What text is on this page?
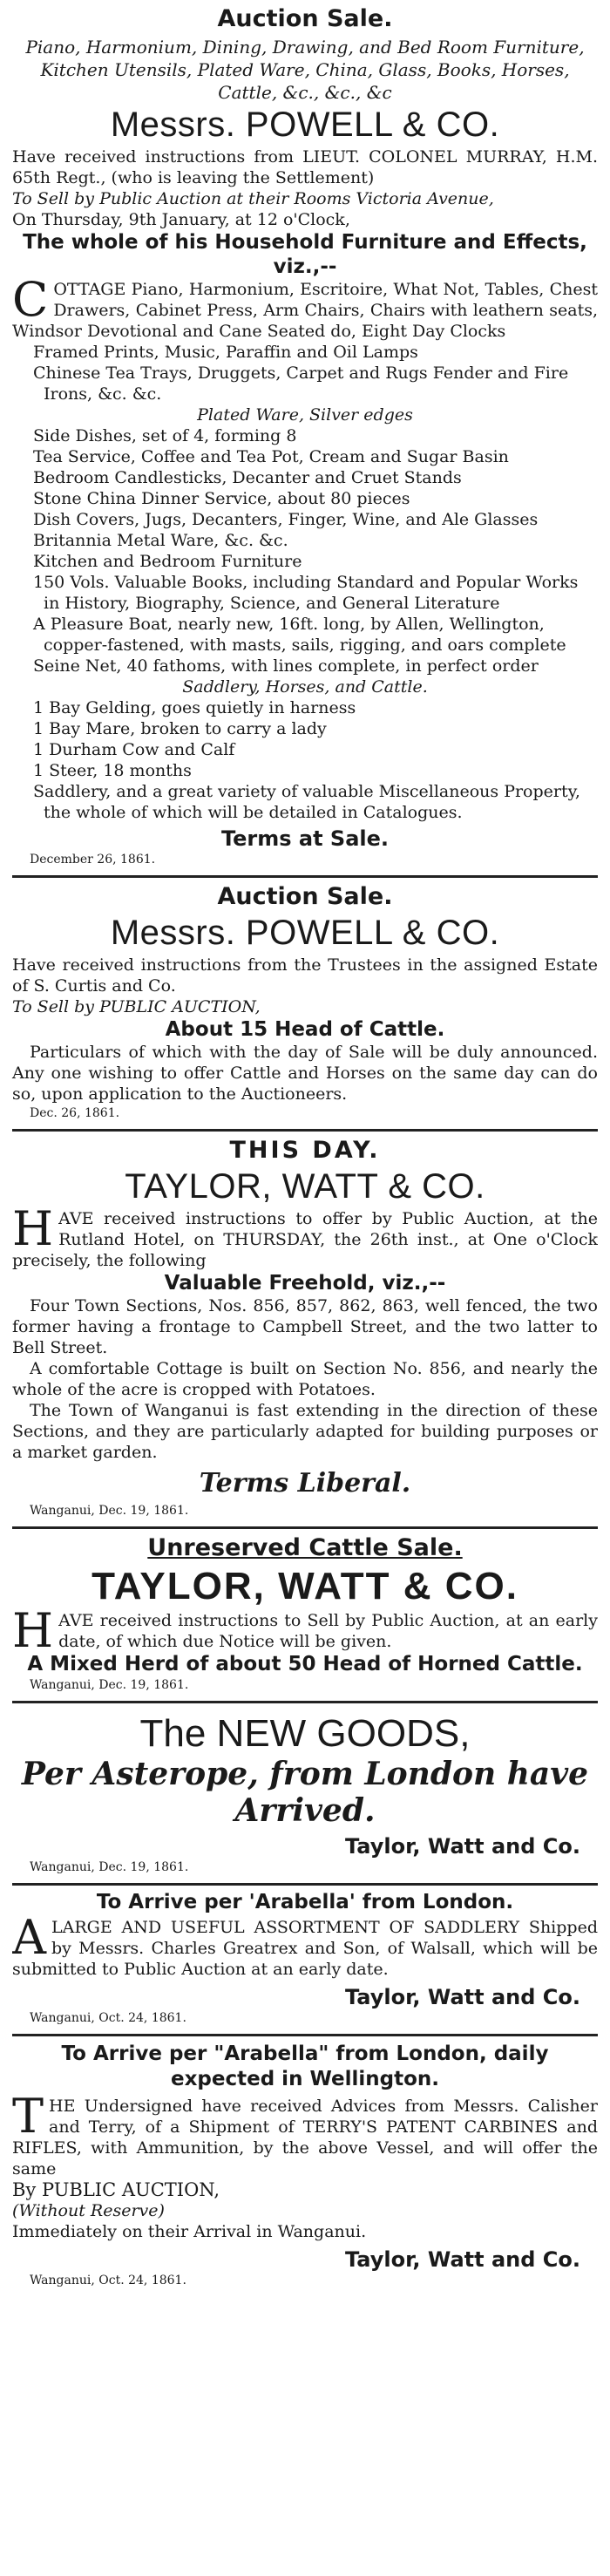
Auction Sale.
Piano, Harmonium, Dining, Drawing, and Bed Room Furniture, Kitchen Utensils, Plated Ware, China, Glass, Books, Horses, Cattle, &c., &c., &c
Messrs. POWELL & CO.
Have received instructions from LIEUT. COLONEL MURRAY, H.M. 65th Regt., (who is leaving the Settlement)
To Sell by Public Auction at their Rooms Victoria Avenue,
On Thursday, 9th January, at 12 o'Clock,
The whole of his Household Furniture and Effects, viz.,--
C OTTAGE Piano, Harmonium, Escritoire, What Not, Tables, Chest Drawers, Cabinet Press, Arm Chairs, Chairs with leathern seats, Windsor Devotional and Cane Seated do, Eight Day Clocks
Framed Prints, Music, Paraffin and Oil Lamps
Chinese Tea Trays, Druggets, Carpet and Rugs Fender and Fire Irons, &c. &c.
Plated Ware, Silver edges
Side Dishes, set of 4, forming 8
Tea Service, Coffee and Tea Pot, Cream and Sugar Basin
Bedroom Candlesticks, Decanter and Cruet Stands
Stone China Dinner Service, about 80 pieces
Dish Covers, Jugs, Decanters, Finger, Wine, and Ale Glasses
Britannia Metal Ware, &c. &c.
Kitchen and Bedroom Furniture
150 Vols. Valuable Books, including Standard and Popular Works in History, Biography, Science, and General Literature
A Pleasure Boat, nearly new, 16ft. long, by Allen, Wellington, copper-fastened, with masts, sails, rigging, and oars complete
Seine Net, 40 fathoms, with lines complete, in perfect order
Saddlery, Horses, and Cattle.
1 Bay Gelding, goes quietly in harness
1 Bay Mare, broken to carry a lady
1 Durham Cow and Calf
1 Steer, 18 months
Saddlery, and a great variety of valuable Miscellaneous Property, the whole of which will be detailed in Catalogues.
Terms at Sale.
December 26, 1861.
Auction Sale.
Messrs. POWELL & CO.
Have received instructions from the Trustees in the assigned Estate of S. Curtis and Co.
To Sell by PUBLIC AUCTION,
About 15 Head of Cattle.
Particulars of which with the day of Sale will be duly announced. Any one wishing to offer Cattle and Horses on the same day can do so, upon application to the Auctioneers.
Dec. 26, 1861.
THIS DAY.
TAYLOR, WATT & CO.
H AVE received instructions to offer by Public Auction, at the Rutland Hotel, on THURSDAY, the 26th inst., at One o'Clock precisely, the following
Valuable Freehold, viz.,--
Four Town Sections, Nos. 856, 857, 862, 863, well fenced, the two former having a frontage to Campbell Street, and the two latter to Bell Street.
A comfortable Cottage is built on Section No. 856, and nearly the whole of the acre is cropped with Potatoes.
The Town of Wanganui is fast extending in the direction of these Sections, and they are particularly adapted for building purposes or a market garden.
Terms Liberal.
Wanganui, Dec. 19, 1861.
Unreserved Cattle Sale.
TAYLOR, WATT & CO.
H AVE received instructions to Sell by Public Auction, at an early date, of which due Notice will be given.
A Mixed Herd of about 50 Head of Horned Cattle.
Wanganui, Dec. 19, 1861.
The NEW GOODS,
Per Asterope, from London have Arrived.
Taylor, Watt and Co.
Wanganui, Dec. 19, 1861.
To Arrive per 'Arabella' from London.
A LARGE AND USEFUL ASSORTMENT OF SADDLERY Shipped by Messrs. Charles Greatrex and Son, of Walsall, which will be submitted to Public Auction at an early date.
Taylor, Watt and Co.
Wanganui, Oct. 24, 1861.
To Arrive per "Arabella" from London, daily expected in Wellington.
T HE Undersigned have received Advices from Messrs. Calisher and Terry, of a Shipment of TERRY'S PATENT CARBINES and RIFLES, with Ammunition, by the above Vessel, and will offer the same
By PUBLIC AUCTION,
(Without Reserve)
Immediately on their Arrival in Wanganui.
Taylor, Watt and Co.
Wanganui, Oct. 24, 1861.
